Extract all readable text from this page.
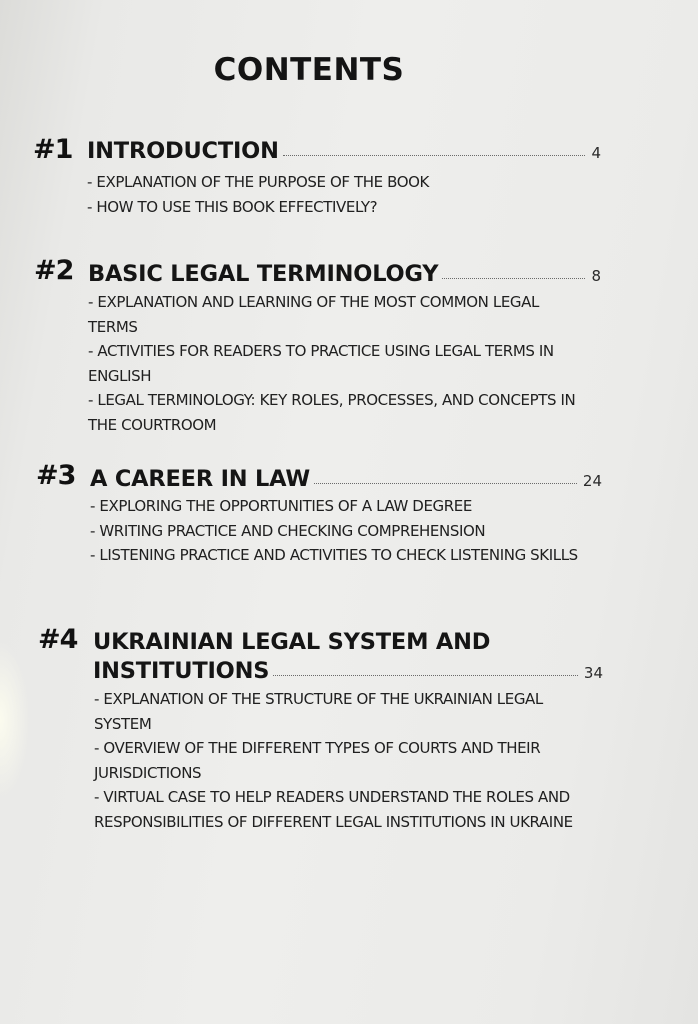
CONTENTS
#1 INTRODUCTION	4
- EXPLANATION OF THE PURPOSE OF THE BOOK
- HOW TO USE THIS BOOK EFFECTIVELY?
#2 BASIC LEGAL TERMINOLOGY	8
- EXPLANATION AND LEARNING OF THE MOST COMMON LEGAL TERMS
- ACTIVITIES FOR READERS TO PRACTICE USING LEGAL TERMS IN ENGLISH
- LEGAL TERMINOLOGY: KEY ROLES, PROCESSES, AND CONCEPTS IN THE COURTROOM
#3 A CAREER IN LAW	24
- EXPLORING THE OPPORTUNITIES OF A LAW DEGREE
- WRITING PRACTICE AND CHECKING COMPREHENSION
- LISTENING PRACTICE AND ACTIVITIES TO CHECK LISTENING SKILLS
#4 UKRAINIAN LEGAL SYSTEM AND
INSTITUTIONS	34
- EXPLANATION OF THE STRUCTURE OF THE UKRAINIAN LEGAL SYSTEM
- OVERVIEW OF THE DIFFERENT TYPES OF COURTS AND THEIR JURISDICTIONS
- VIRTUAL CASE TO HELP READERS UNDERSTAND THE ROLES AND RESPONSIBILITIES OF DIFFERENT LEGAL INSTITUTIONS IN UKRAINE
